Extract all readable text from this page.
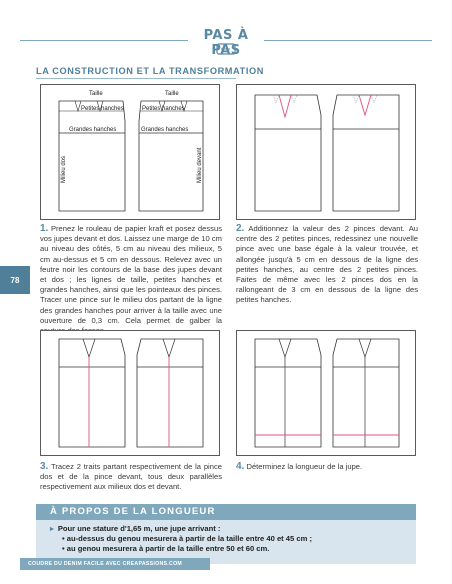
PAS À PAS
LA CONSTRUCTION ET LA TRANSFORMATION
78
Taille	Taille
Petites hanches	Petites hanches
Grandes hanches	Grandes hanches
Milieu dos	Milieu devant
1. Prenez le rouleau de papier kraft et posez dessus vos jupes devant et dos. Laissez une marge de 10 cm au niveau des côtés, 5 cm au niveau des milieux, 5 cm au-dessus et 5 cm en dessous. Relevez avec un feutre noir les contours de la base des jupes devant et dos ; les lignes de taille, petites hanches et grandes hanches, ainsi que les pointeaux des pinces. Tracer une pince sur le milieu dos partant de la ligne des grandes hanches pour arriver à la taille avec une ouverture de 0,3 cm. Cela permet de galber la
2. Additionnez la valeur des 2 pinces devant. Au centre des 2 petites pinces, redessinez une nouvelle pince avec une base égale à la valeur trouvée, et allongée jusqu'à 5 cm en dessous de la ligne des petites hanches, au centre des 2 petites pinces. Faites de même avec les 2 pinces dos en la rallongeant de 3 cm en dessous de la ligne des petites hanches.
3. Tracez 2 traits partant respectivement de la pince dos et de la pince devant, tous deux parallèles respectivement aux milieux dos et devant.
4. Déterminez la longueur de la jupe.
À PROPOS DE LA LONGUEUR
▸ Pour une stature d'1,65 m, une jupe arrivant :
• au-dessus du genou mesurera à partir de la taille entre 40 et 45 cm ;
• au genou mesurera à partir de la taille entre 50 et 60 cm.
COUDRE DU DENIM FACILE AVEC CREAPASSIONS.COM
